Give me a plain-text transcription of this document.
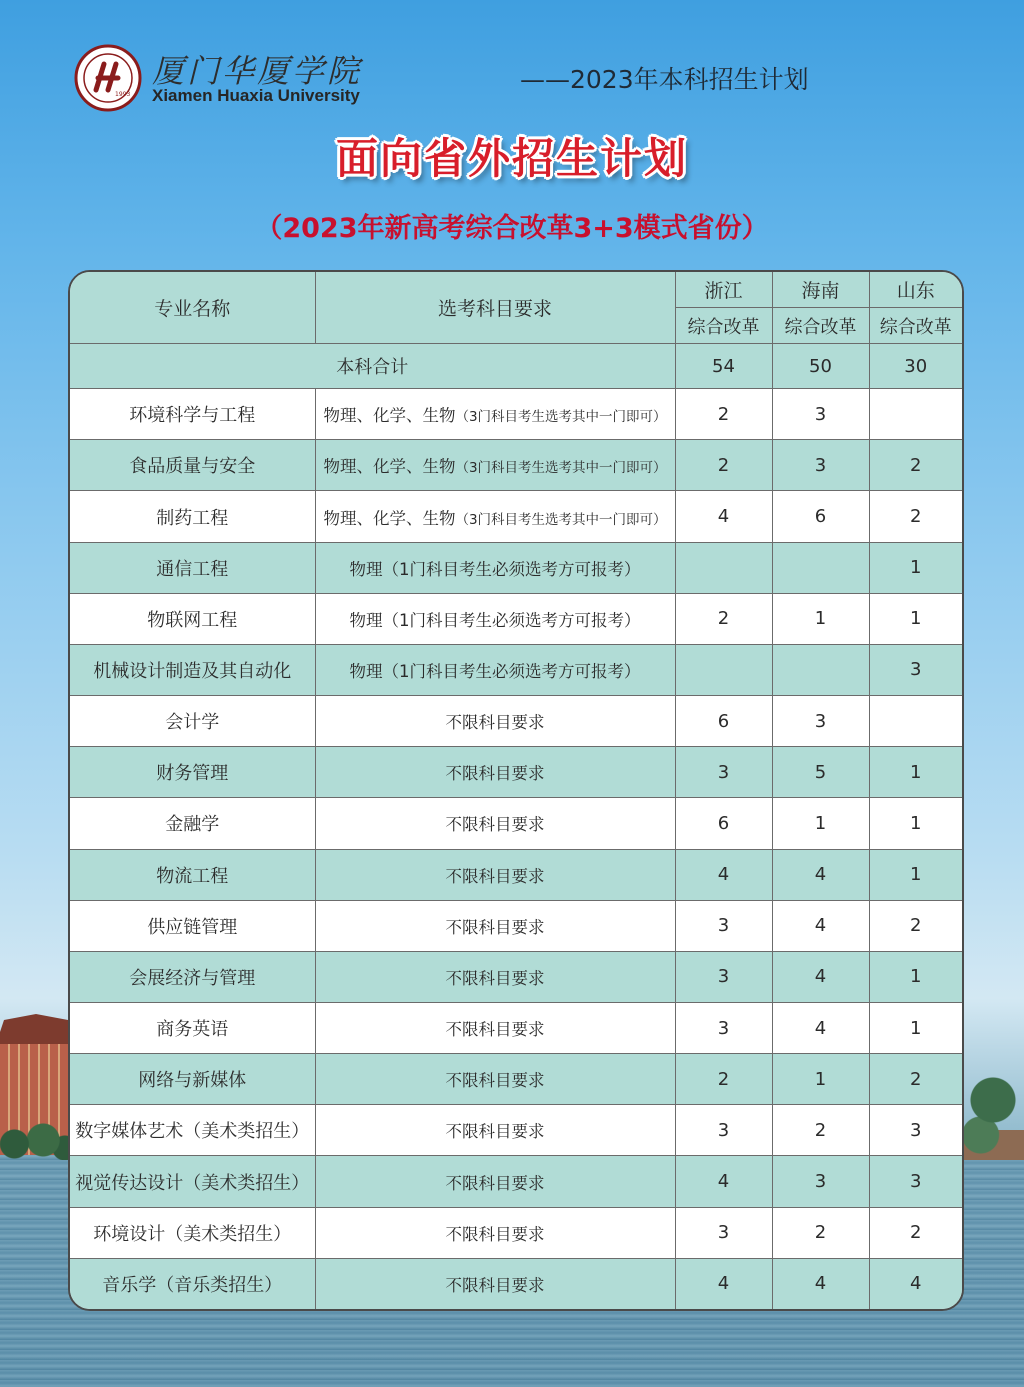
1993
厦门华厦学院
Xiamen Huaxia University
——2023年本科招生计划
面向省外招生计划
（2023年新高考综合改革3+3模式省份）
专业名称	选考科目要求	浙江	海南	山东
		综合改革	综合改革	综合改革
本科合计		54	50	30
环境科学与工程	物理、化学、生物（3门科目考生选考其中一门即可）	2	3	
食品质量与安全	物理、化学、生物（3门科目考生选考其中一门即可）	2	3	2
制药工程	物理、化学、生物（3门科目考生选考其中一门即可）	4	6	2
通信工程	物理（1门科目考生必须选考方可报考）			1
物联网工程	物理（1门科目考生必须选考方可报考）	2	1	1
机械设计制造及其自动化	物理（1门科目考生必须选考方可报考）			3
会计学	不限科目要求	6	3	
财务管理	不限科目要求	3	5	1
金融学	不限科目要求	6	1	1
物流工程	不限科目要求	4	4	1
供应链管理	不限科目要求	3	4	2
会展经济与管理	不限科目要求	3	4	1
商务英语	不限科目要求	3	4	1
网络与新媒体	不限科目要求	2	1	2
数字媒体艺术（美术类招生）	不限科目要求	3	2	3
视觉传达设计（美术类招生）	不限科目要求	4	3	3
环境设计（美术类招生）	不限科目要求	3	2	2
音乐学（音乐类招生）	不限科目要求	4	4	4
